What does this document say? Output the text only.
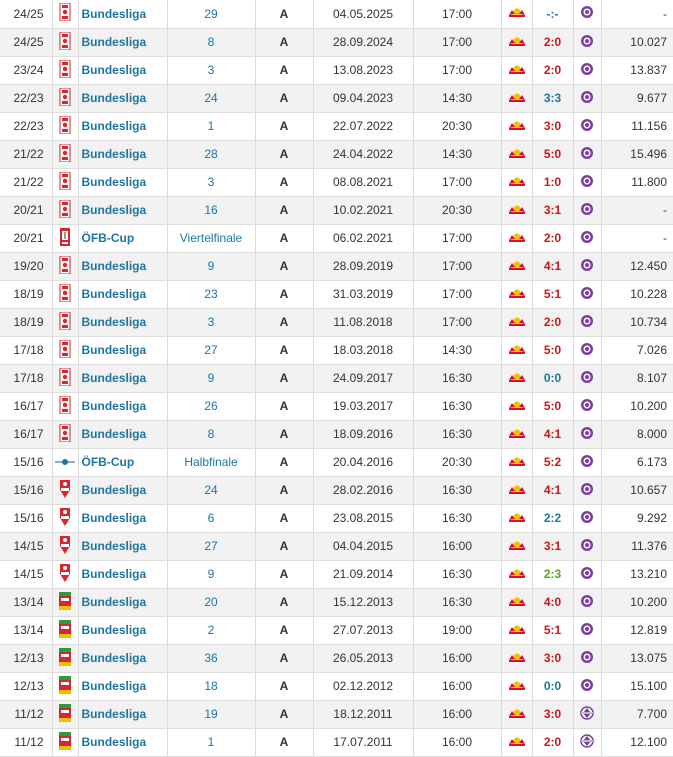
24/25		Bundesliga	29	A	04.05.2025	17:00		-:-		-
24/25		Bundesliga	8	A	28.09.2024	17:00		2:0		10.027
23/24		Bundesliga	3	A	13.08.2023	17:00		2:0		13.837
22/23		Bundesliga	24	A	09.04.2023	14:30		3:3		9.677
22/23		Bundesliga	1	A	22.07.2022	20:30		3:0		11.156
21/22		Bundesliga	28	A	24.04.2022	14:30		5:0		15.496
21/22		Bundesliga	3	A	08.08.2021	17:00		1:0		11.800
20/21		Bundesliga	16	A	10.02.2021	20:30		3:1		-
20/21		ÖFB-Cup	Viertelfinale	A	06.02.2021	17:00		2:0		-
19/20		Bundesliga	9	A	28.09.2019	17:00		4:1		12.450
18/19		Bundesliga	23	A	31.03.2019	17:00		5:1		10.228
18/19		Bundesliga	3	A	11.08.2018	17:00		2:0		10.734
17/18		Bundesliga	27	A	18.03.2018	14:30		5:0		7.026
17/18		Bundesliga	9	A	24.09.2017	16:30		0:0		8.107
16/17		Bundesliga	26	A	19.03.2017	16:30		5:0		10.200
16/17		Bundesliga	8	A	18.09.2016	16:30		4:1		8.000
15/16		ÖFB-Cup	Halbfinale	A	20.04.2016	20:30		5:2		6.173
15/16		Bundesliga	24	A	28.02.2016	16:30		4:1		10.657
15/16		Bundesliga	6	A	23.08.2015	16:30		2:2		9.292
14/15		Bundesliga	27	A	04.04.2015	16:00		3:1		11.376
14/15		Bundesliga	9	A	21.09.2014	16:30		2:3		13.210
13/14		Bundesliga	20	A	15.12.2013	16:30		4:0		10.200
13/14		Bundesliga	2	A	27.07.2013	19:00		5:1		12.819
12/13		Bundesliga	36	A	26.05.2013	16:00		3:0		13.075
12/13		Bundesliga	18	A	02.12.2012	16:00		0:0		15.100
11/12		Bundesliga	19	A	18.12.2011	16:00		3:0		7.700
11/12		Bundesliga	1	A	17.07.2011	16:00		2:0		12.100
